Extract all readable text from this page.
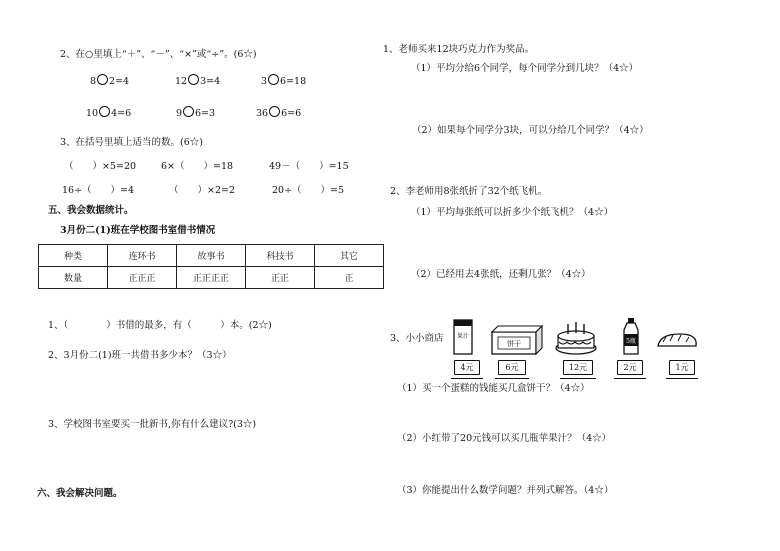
2、在○里填上“＋”、“－”、“×”或“÷”。(6☆)
8 2=4	12 3=4	3 6=18
10 4=6	9 6=3	36 6=6
3、在括号里填上适当的数。(6☆)
（　　）×5=20	6×（　　）=18	49－（　　）=15
16÷（　　）=4	（　　）×2=2	20÷（　　）=5
五、我会数据统计。
3月份二(1)班在学校图书室借书情况
种类	连环书	故事书	科技书	其它
数量	正正正	正正正正	正正	正
1、（　　　　）书借的最多，有（　　　）本。(2☆)
2、3月份二(1)班一共借书多少本？（3☆）
3、学校图书室要买一批新书,你有什么建议?(3☆)
六、我会解决问题。
1、老师买来12块巧克力作为奖品。
（1）平均分给6个同学，每个同学分到几块？（4☆）
（2）如果每个同学分3块，可以分给几个同学？（4☆）
2、李老师用8张纸折了32个纸飞机。
（1）平均每张纸可以折多少个纸飞机？（4☆）
（2）已经用去4张纸，还剩几张？（4☆）
3、小小商店 果汁
饼干	5瓶
4元	6元	12元	2元	1元
（1）买一个蛋糕的钱能买几盒饼干？（4☆）
（2）小红带了20元钱可以买几瓶苹果汁？（4☆）
（3）你能提出什么数学问题？并列式解答。（4☆）
